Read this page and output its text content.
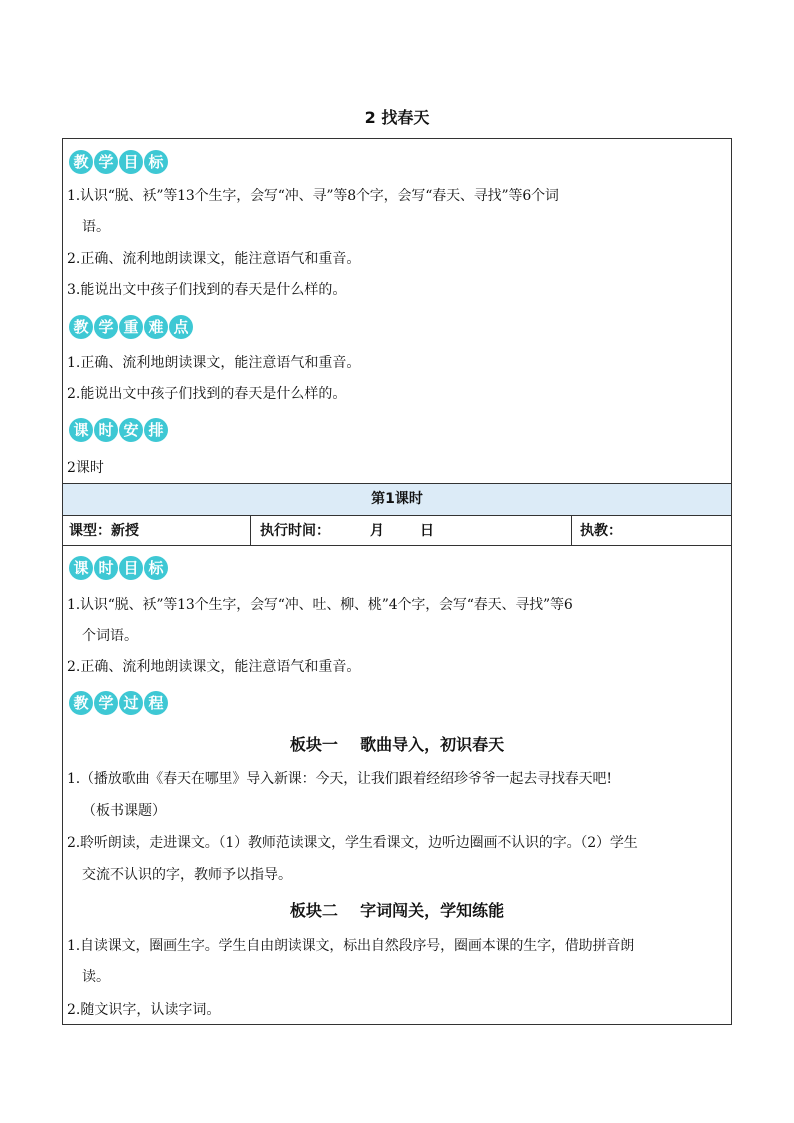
2 找春天
教 学 目 标
1.认识“脱、袄”等13个生字，会写“冲、寻”等8个字，会写“春天、寻找”等6个词
语。
2.正确、流利地朗读课文，能注意语气和重音。
3.能说出文中孩子们找到的春天是什么样的。
教 学 重 难 点
1.正确、流利地朗读课文，能注意语气和重音。
2.能说出文中孩子们找到的春天是什么样的。
课 时 安 排
2课时
第1课时
课型：新授	执行时间：	月	日	执教：
课 时 目 标
1.认识“脱、袄”等13个生字，会写“冲、吐、柳、桃”4个字，会写“春天、寻找”等6
个词语。
2.正确、流利地朗读课文，能注意语气和重音。
教 学 过 程
板块一    歌曲导入，初识春天
1.（播放歌曲《春天在哪里》导入新课：今天，让我们跟着经绍珍爷爷一起去寻找春天吧!
（板书课题）
2.聆听朗读，走进课文。（1）教师范读课文，学生看课文，边听边圈画不认识的字。（2）学生
交流不认识的字，教师予以指导。
板块二    字词闯关，学知练能
1.自读课文，圈画生字。学生自由朗读课文，标出自然段序号，圈画本课的生字，借助拼音朗
读。
2.随文识字，认读字词。
